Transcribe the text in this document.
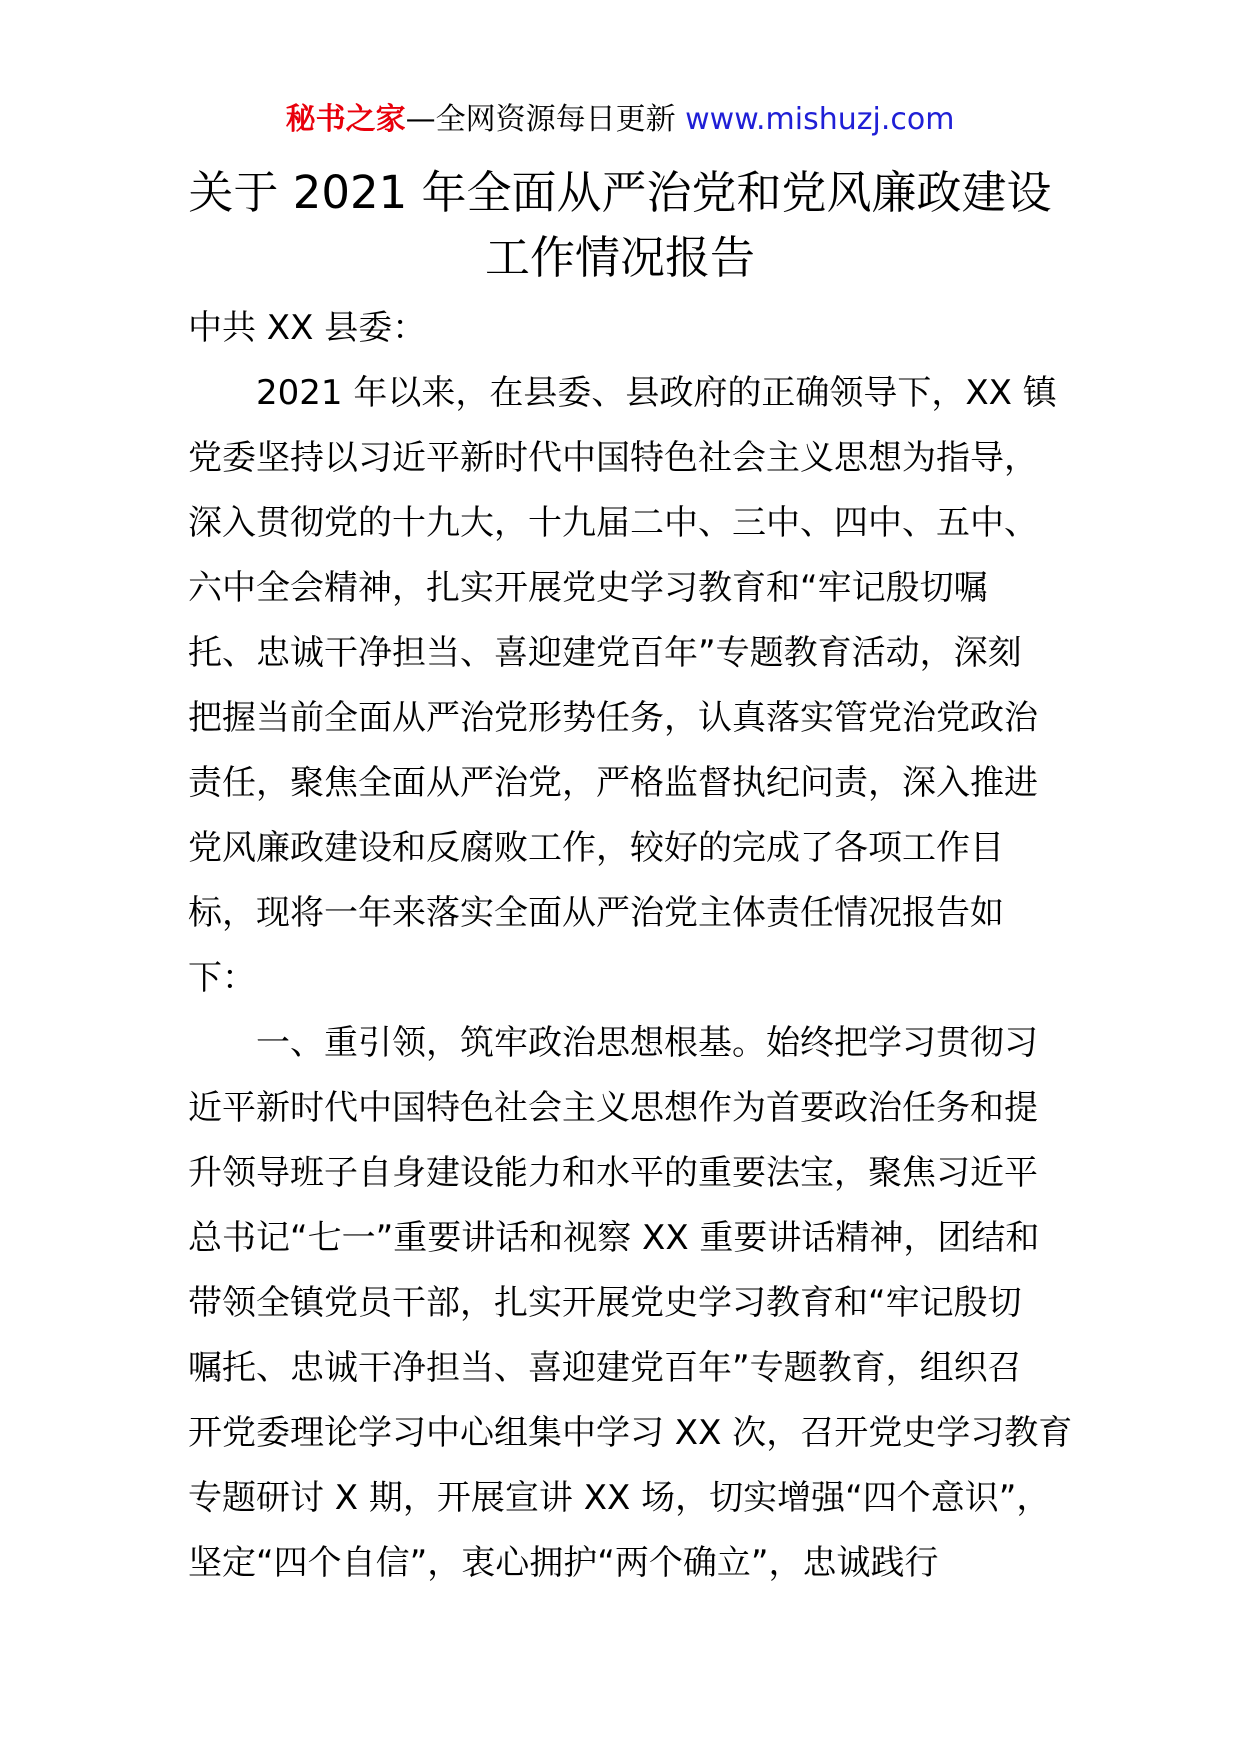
秘书之家—全网资源每日更新 www.mishuzj.com
关于 2021 年全面从严治党和党风廉政建设
工作情况报告
中共 XX 县委：
2021 年以来，在县委、县政府的正确领导下，XX 镇
党委坚持以习近平新时代中国特色社会主义思想为指导，
深入贯彻党的十九大，十九届二中、三中、四中、五中、
六中全会精神，扎实开展党史学习教育和“牢记殷切嘱
托、忠诚干净担当、喜迎建党百年”专题教育活动，深刻
把握当前全面从严治党形势任务，认真落实管党治党政治
责任，聚焦全面从严治党，严格监督执纪问责，深入推进
党风廉政建设和反腐败工作，较好的完成了各项工作目
标，现将一年来落实全面从严治党主体责任情况报告如
下：
一、重引领，筑牢政治思想根基。始终把学习贯彻习
近平新时代中国特色社会主义思想作为首要政治任务和提
升领导班子自身建设能力和水平的重要法宝，聚焦习近平
总书记“七一”重要讲话和视察 XX 重要讲话精神，团结和
带领全镇党员干部，扎实开展党史学习教育和“牢记殷切
嘱托、忠诚干净担当、喜迎建党百年”专题教育，组织召
开党委理论学习中心组集中学习 XX 次，召开党史学习教育
专题研讨 X 期，开展宣讲 XX 场，切实增强“四个意识”，
坚定“四个自信”，衷心拥护“两个确立”，忠诚践行
